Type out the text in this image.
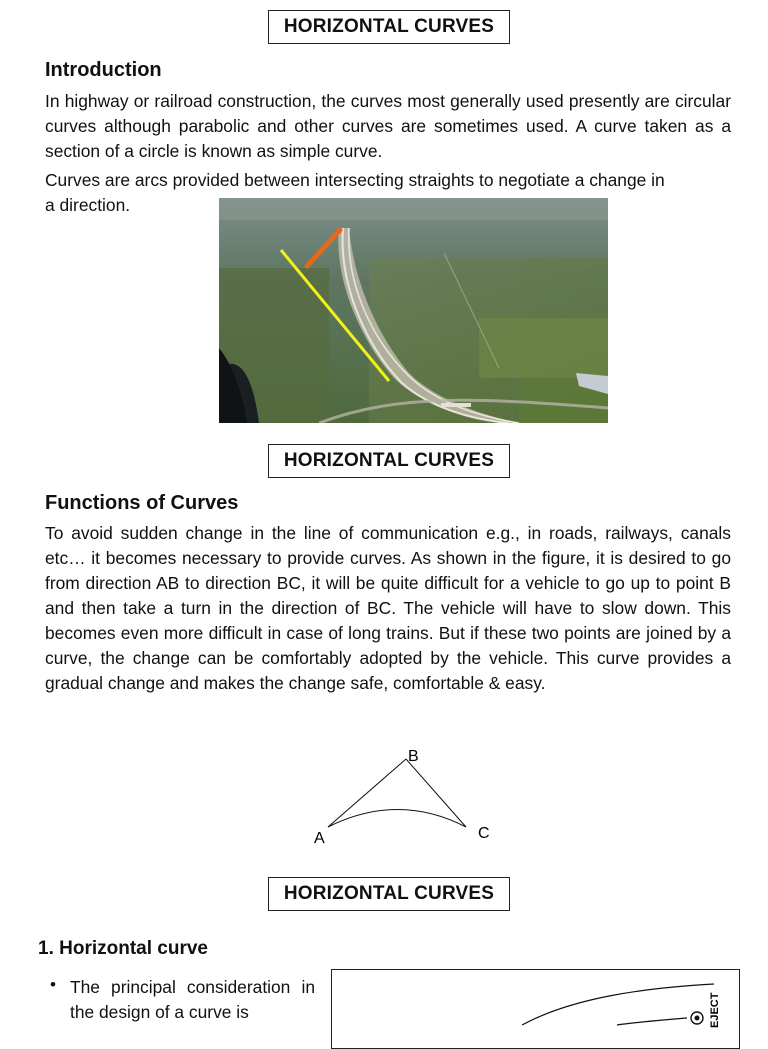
HORIZONTAL CURVES
Introduction

In highway or railroad construction, the curves most generally used presently are circular curves although parabolic and other curves are sometimes used. A curve taken as a section of a circle is known as simple curve.

Curves are arcs provided between intersecting straights to negotiate a change in
a direction.
HORIZONTAL CURVES
Functions of Curves

To avoid sudden change in the line of communication e.g., in roads, railways, canals etc… it becomes necessary to provide curves. As shown in the figure, it is desired to go from direction AB to direction BC, it will be quite difficult for a vehicle to go up to point B and then take a turn in the direction of BC. The vehicle will have to slow down. This becomes even more difficult in case of long trains. But if these two points are joined by a curve, the change can be comfortably adopted by the vehicle. This curve provides a gradual change and makes the change safe, comfortable & easy.

A
B
C
HORIZONTAL CURVES
1. Horizontal curve
• The principal consideration in the design of a curve is	EJECT
